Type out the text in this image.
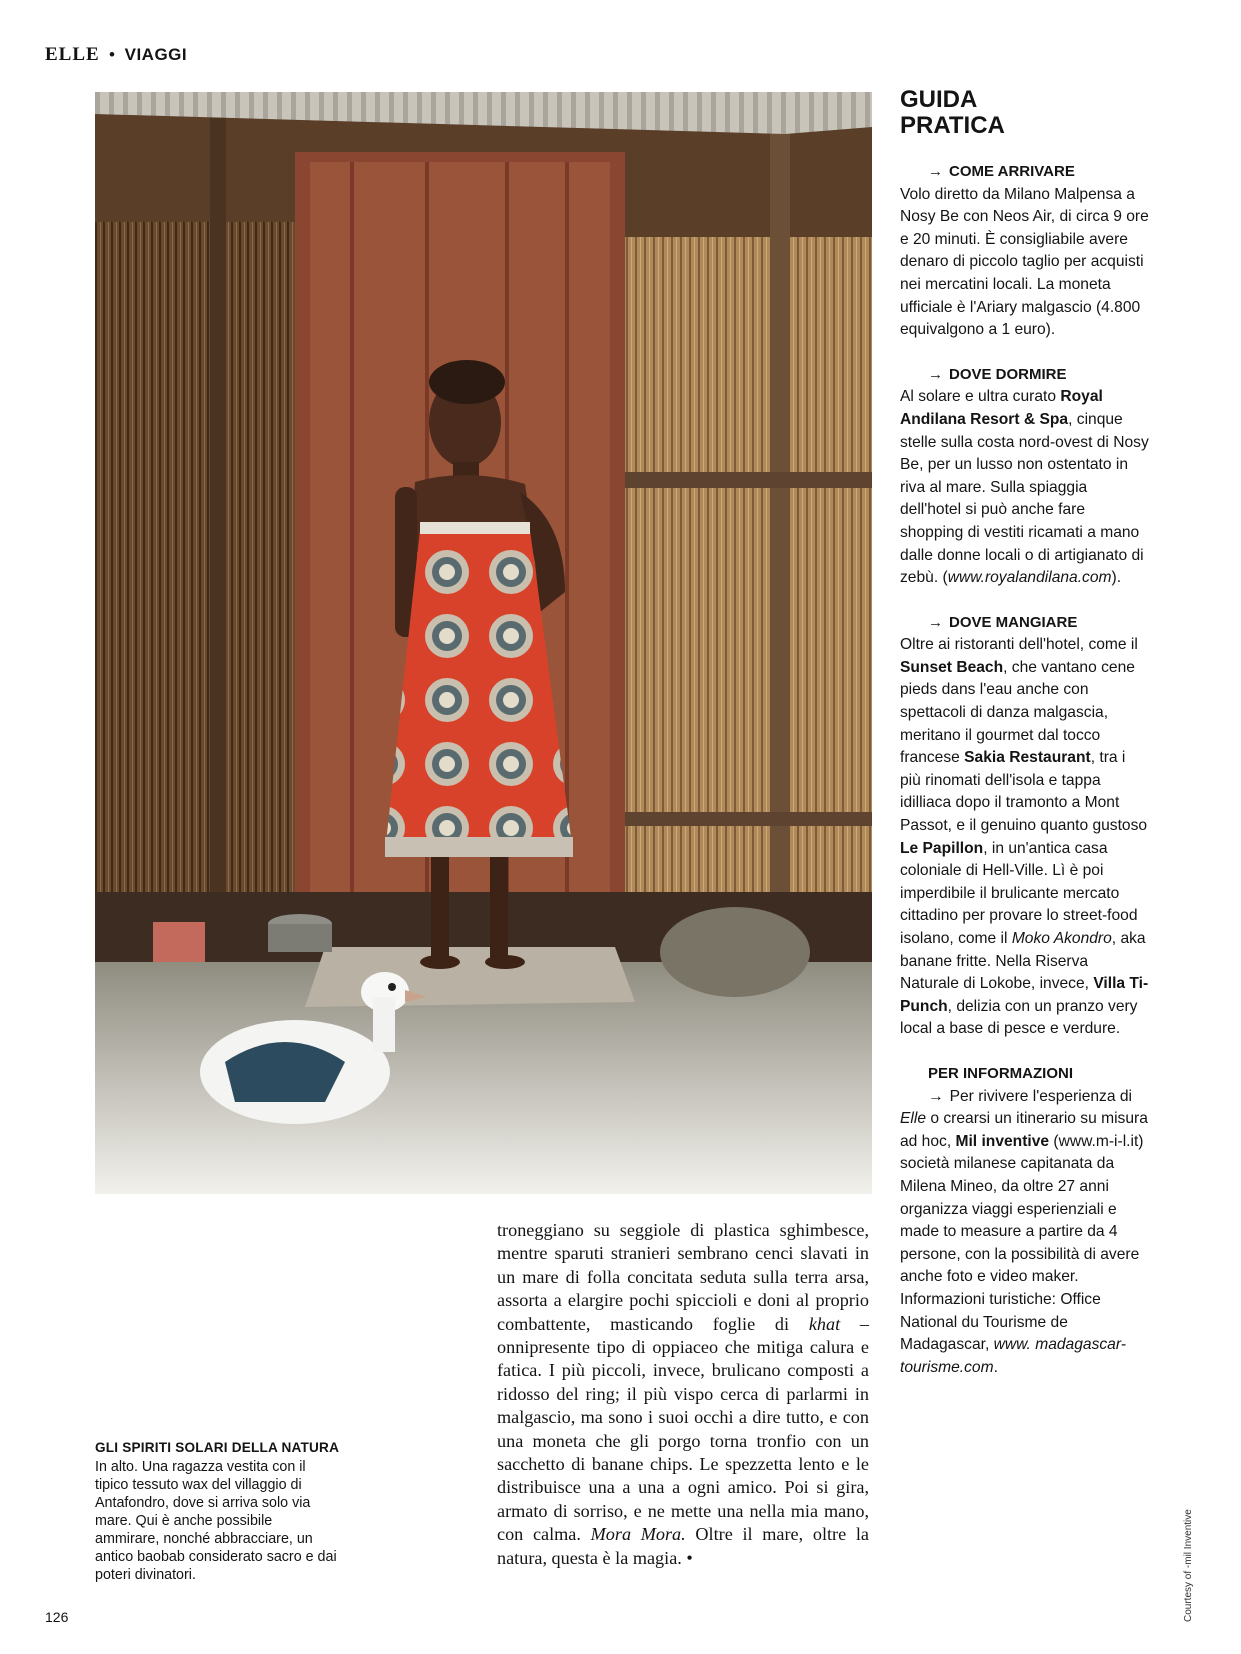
ELLE • VIAGGI

GLI SPIRITI SOLARI DELLA NATURA

In alto. Una ragazza vestita con il tipico tessuto wax del villaggio di Antafondro, dove si arriva solo via mare. Qui è anche possibile ammirare, nonché abbracciare, un antico baobab considerato sacro e dai poteri divinatori.

troneggiano su seggiole di plastica sghimbesce, mentre sparuti stranieri sembrano cenci slavati in un mare di folla concitata seduta sulla terra arsa, assorta a elargire pochi spiccioli e doni al proprio combattente, masticando foglie di khat – onnipresente tipo di oppiaceo che mitiga calura e fatica. I più piccoli, invece, brulicano composti a ridosso del ring; il più vispo cerca di parlarmi in malgascio, ma sono i suoi occhi a dire tutto, e con una moneta che gli porgo torna tronfio con un sacchetto di banane chips. Le spezzetta lento e le distribuisce una a una a ogni amico. Poi si gira, armato di sorriso, e ne mette una nella mia mano, con calma. Mora Mora. Oltre il mare, oltre la natura, questa è la magia. •

GUIDA
PRATICA

→ COME ARRIVARE

Volo diretto da Milano Malpensa a Nosy Be con Neos Air, di circa 9 ore e 20 minuti. È consigliabile avere denaro di piccolo taglio per acquisti nei mercatini locali. La moneta ufficiale è l'Ariary malgascio (4.800 equivalgono a 1 euro).

→ DOVE DORMIRE

Al solare e ultra curato Royal Andilana Resort & Spa, cinque stelle sulla costa nord-ovest di Nosy Be, per un lusso non ostentato in riva al mare. Sulla spiaggia dell'hotel si può anche fare shopping di vestiti ricamati a mano dalle donne locali o di artigianato di zebù. (www.royalandilana.com).

→ DOVE MANGIARE

Oltre ai ristoranti dell'hotel, come il Sunset Beach, che vantano cene pieds dans l'eau anche con spettacoli di danza malgascia, meritano il gourmet dal tocco francese Sakia Restaurant, tra i più rinomati dell'isola e tappa idilliaca dopo il tramonto a Mont Passot, e il genuino quanto gustoso Le Papillon, in un'antica casa coloniale di Hell-Ville. Lì è poi imperdibile il brulicante mercato cittadino per provare lo street-food isolano, come il Moko Akondro, aka banane fritte. Nella Riserva Naturale di Lokobe, invece, Villa Ti-Punch, delizia con un pranzo very local a base di pesce e verdure.

PER INFORMAZIONI

→ Per rivivere l'esperienza di Elle o crearsi un itinerario su misura ad hoc, Mil inventive (www.m-i-l.it) società milanese capitanata da Milena Mineo, da oltre 27 anni organizza viaggi esperienziali e made to measure a partire da 4 persone, con la possibilità di avere anche foto e video maker. Informazioni turistiche: Office National du Tourisme de Madagascar, www. madagascar-tourisme.com.

126	Courtesy of -mil Inventive
